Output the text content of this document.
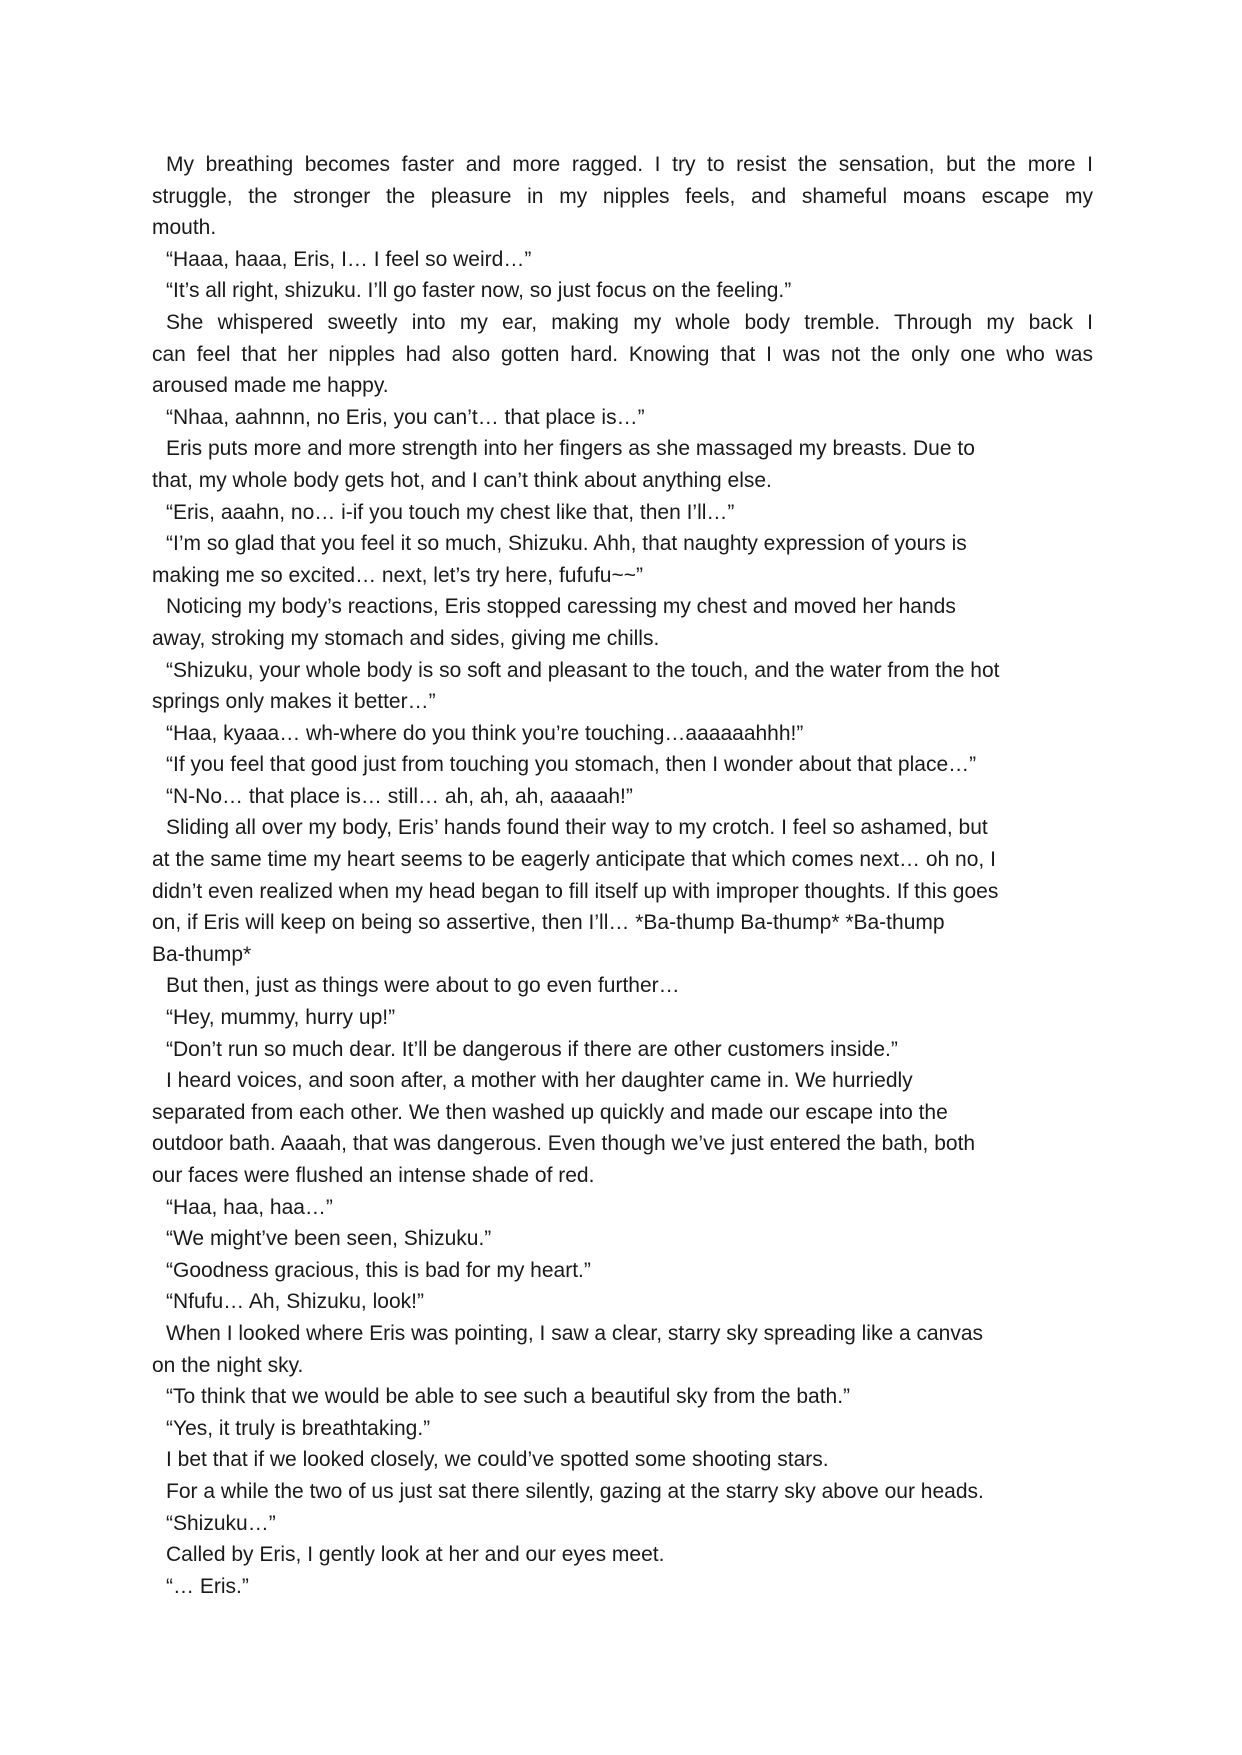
My breathing becomes faster and more ragged. I try to resist the sensation, but the more I
struggle, the stronger the pleasure in my nipples feels, and shameful moans escape my
mouth.
“Haaa, haaa, Eris, I… I feel so weird…”
“It’s all right, shizuku. I’ll go faster now, so just focus on the feeling.”
She whispered sweetly into my ear, making my whole body tremble. Through my back I
can feel that her nipples had also gotten hard. Knowing that I was not the only one who was
aroused made me happy.
“Nhaa, aahnnn, no Eris, you can’t… that place is…”
Eris puts more and more strength into her fingers as she massaged my breasts. Due to
that, my whole body gets hot, and I can’t think about anything else.
“Eris, aaahn, no… i-if you touch my chest like that, then I’ll…”
“I’m so glad that you feel it so much, Shizuku. Ahh, that naughty expression of yours is
making me so excited… next, let’s try here, fufufu~~”
Noticing my body’s reactions, Eris stopped caressing my chest and moved her hands
away, stroking my stomach and sides, giving me chills.
“Shizuku, your whole body is so soft and pleasant to the touch, and the water from the hot
springs only makes it better…”
“Haa, kyaaa… wh-where do you think you’re touching…aaaaaahhh!”
“If you feel that good just from touching you stomach, then I wonder about that place…”
“N-No… that place is… still… ah, ah, ah, aaaaah!”
Sliding all over my body, Eris’ hands found their way to my crotch. I feel so ashamed, but
at the same time my heart seems to be eagerly anticipate that which comes next… oh no, I
didn’t even realized when my head began to fill itself up with improper thoughts. If this goes
on, if Eris will keep on being so assertive, then I’ll… *Ba-thump Ba-thump* *Ba-thump
Ba-thump*
But then, just as things were about to go even further…
“Hey, mummy, hurry up!”
“Don’t run so much dear. It’ll be dangerous if there are other customers inside.”
I heard voices, and soon after, a mother with her daughter came in. We hurriedly
separated from each other. We then washed up quickly and made our escape into the
outdoor bath. Aaaah, that was dangerous. Even though we’ve just entered the bath, both
our faces were flushed an intense shade of red.
“Haa, haa, haa…”
“We might’ve been seen, Shizuku.”
“Goodness gracious, this is bad for my heart.”
“Nfufu… Ah, Shizuku, look!”
When I looked where Eris was pointing, I saw a clear, starry sky spreading like a canvas
on the night sky.
“To think that we would be able to see such a beautiful sky from the bath.”
“Yes, it truly is breathtaking.”
I bet that if we looked closely, we could’ve spotted some shooting stars.
For a while the two of us just sat there silently, gazing at the starry sky above our heads.
“Shizuku…”
Called by Eris, I gently look at her and our eyes meet.
“… Eris.”
